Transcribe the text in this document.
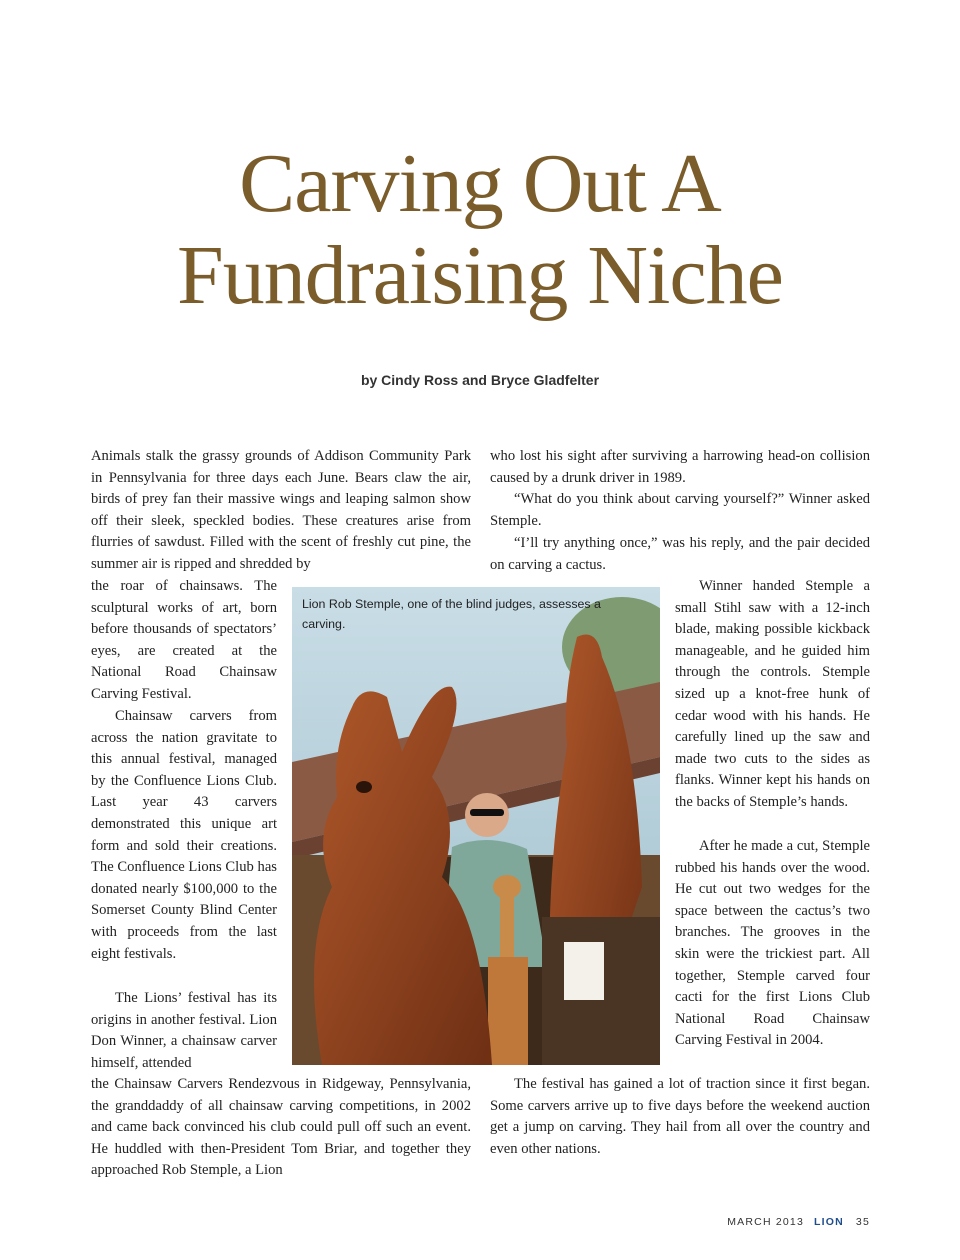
Carving Out A
Fundraising Niche
by Cindy Ross and Bryce Gladfelter

Animals stalk the grassy grounds of Addison Community Park in Pennsylvania for three days each June. Bears claw the air, birds of prey fan their massive wings and leaping salmon show off their sleek, speckled bodies. These creatures arise from flurries of sawdust. Filled with the scent of freshly cut pine, the summer air is ripped and shredded by

the roar of chainsaws. The sculptural works of art, born before thousands of spectators’ eyes, are created at the National Road Chainsaw Carving Festival.

Chainsaw carvers from across the nation gravitate to this annual festival, managed by the Confluence Lions Club. Last year 43 carvers demonstrated this unique art form and sold their creations. The Confluence Lions Club has donated nearly $100,000 to the Somerset County Blind Center with proceeds from the last eight festivals.

The Lions’ festival has its origins in another festival. Lion Don Winner, a chainsaw carver himself, attended

the Chainsaw Carvers Rendezvous in Ridgeway, Pennsylvania, the granddaddy of all chainsaw carving competitions, in 2002 and came back convinced his club could pull off such an event. He huddled with then-President Tom Briar, and together they approached Rob Stemple, a Lion

who lost his sight after surviving a harrowing head-on collision caused by a drunk driver in 1989.

“What do you think about carving yourself?” Winner asked Stemple.

“I’ll try anything once,” was his reply, and the pair decided on carving a cactus.

Winner handed Stemple a small Stihl saw with a 12-inch blade, making possible kickback manageable, and he guided him through the controls. Stemple sized up a knot-free hunk of cedar wood with his hands. He carefully lined up the saw and made two cuts to the sides as flanks. Winner kept his hands on the backs of Stemple’s hands.

After he made a cut, Stemple rubbed his hands over the wood. He cut out two wedges for the space between the cactus’s two branches. The grooves in the skin were the trickiest part. All together, Stemple carved four cacti for the first Lions Club National Road Chainsaw Carving Festival in 2004.

The festival has gained a lot of traction since it first began. Some carvers arrive up to five days before the weekend auction get a jump on carving. They hail from all over the country and even other nations.

Lion Rob Stemple, one of the blind judges, assesses a carving.
MARCH 2013 LION 35
